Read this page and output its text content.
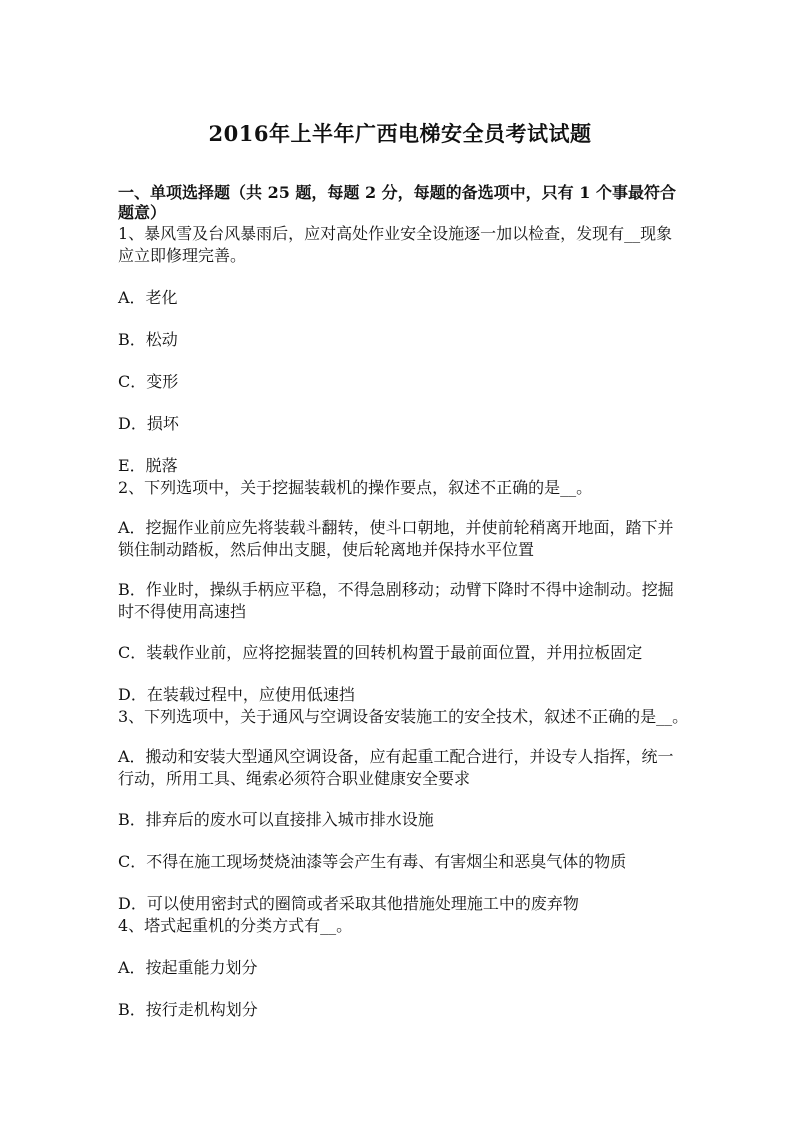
2016年上半年广西电梯安全员考试试题
一、单项选择题（共 25 题，每题 2 分，每题的备选项中，只有 1 个事最符合题意）
1、暴风雪及台风暴雨后，应对高处作业安全设施逐一加以检查，发现有__现象
应立即修理完善。
A．老化
B．松动
C．变形
D．损坏
E．脱落
2、下列选项中，关于挖掘装载机的操作要点，叙述不正确的是__。
A．挖掘作业前应先将装载斗翻转，使斗口朝地，并使前轮稍离开地面，踏下并
锁住制动踏板，然后伸出支腿，使后轮离地并保持水平位置
B．作业时，操纵手柄应平稳，不得急剧移动；动臂下降时不得中途制动。挖掘
时不得使用高速挡
C．装载作业前，应将挖掘装置的回转机构置于最前面位置，并用拉板固定
D．在装载过程中，应使用低速挡
3、下列选项中，关于通风与空调设备安装施工的安全技术，叙述不正确的是__。
A．搬动和安装大型通风空调设备，应有起重工配合进行，并设专人指挥，统一
行动，所用工具、绳索必须符合职业健康安全要求
B．排弃后的废水可以直接排入城市排水设施
C．不得在施工现场焚烧油漆等会产生有毒、有害烟尘和恶臭气体的物质
D．可以使用密封式的圈筒或者采取其他措施处理施工中的废弃物
4、塔式起重机的分类方式有__。
A．按起重能力划分
B．按行走机构划分
